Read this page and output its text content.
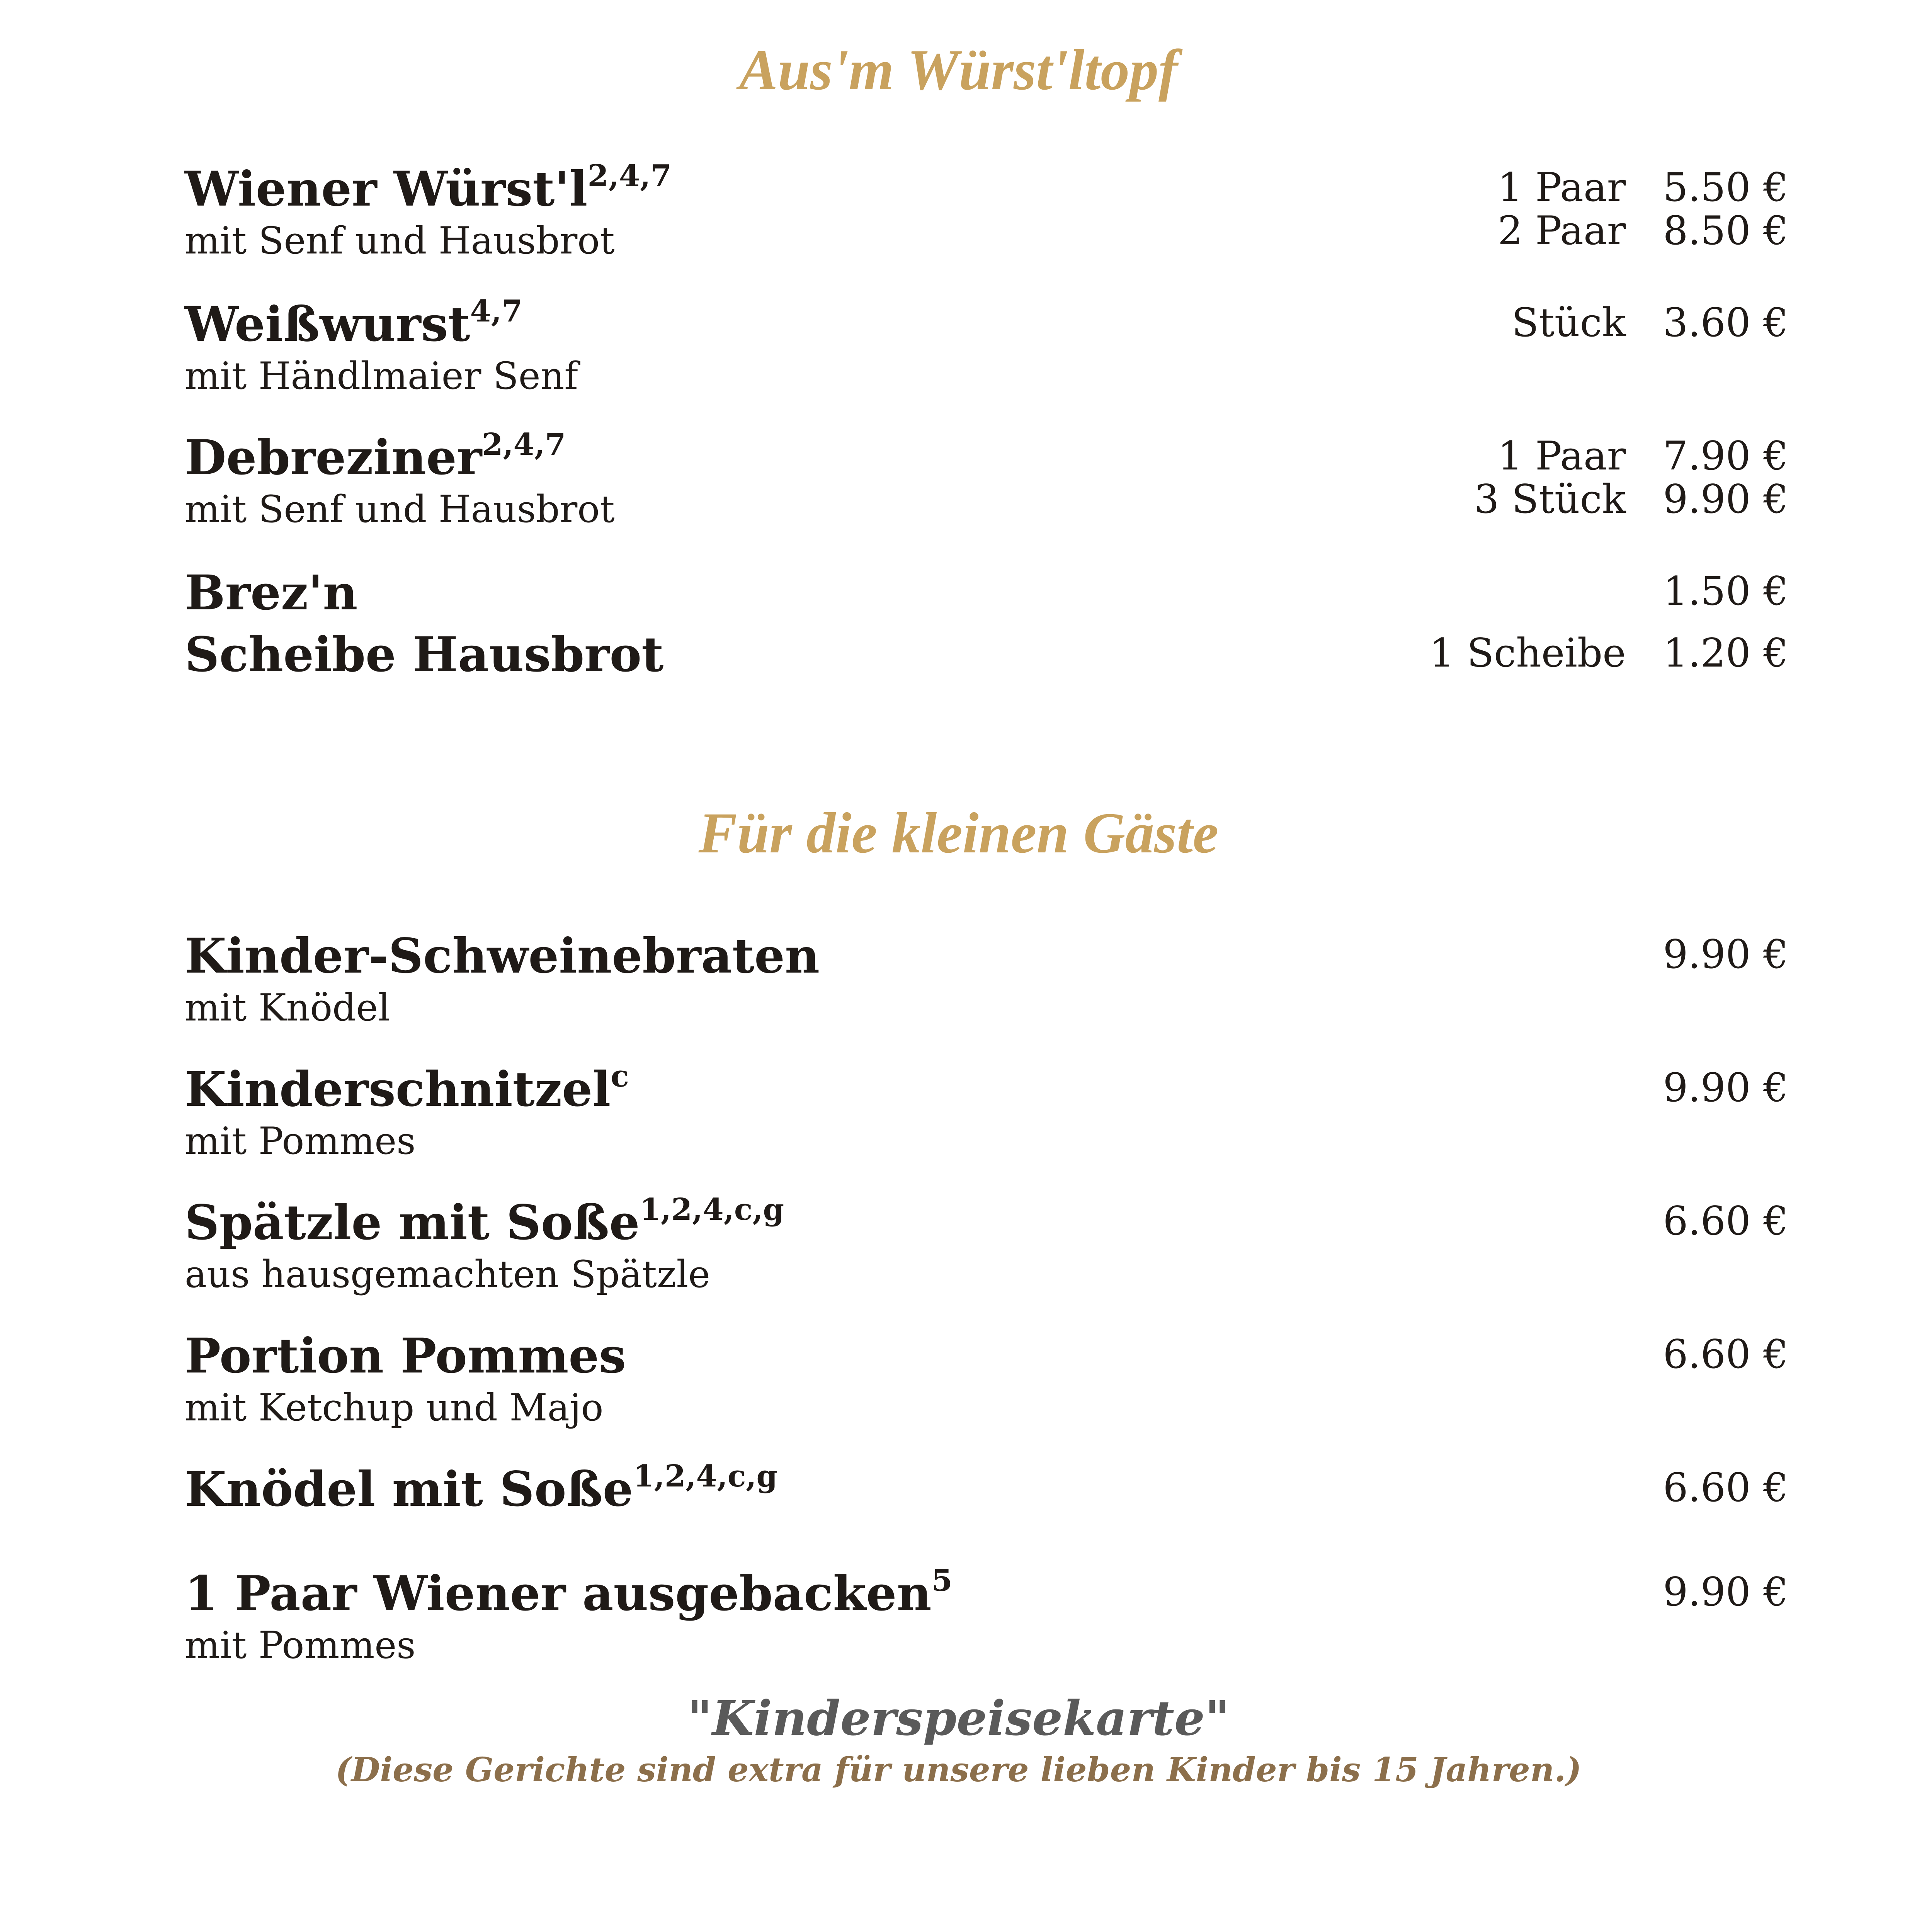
Aus'm Würst'ltopf
Wiener $Würst'l^{2,4,7}$
mit Senf und Hausbrot
1 Paar 5.50 €
2 Paar 8.50 €
Weißwurst$^{4,7}$
mit Händlmaier Senf
Stück 3.60 €
Debreziner$^{2,4,7}$
mit Senf und Hausbrot
1 Paar 7.90 €
3 Stück 9.90 €
Brez'n	1.50 €
Scheibe Hausbrot	1 Scheibe 1.20 €
Für die kleinen Gäste
Kinder-Schweinebraten
mit Knödel
9.90 €
Kinderschnitzel$^c$
mit Pommes
9.90 €
Spätzle mit Soße$^{1,2,4,c,g}$
aus hausgemachten Spätzle
6.60 €
Portion Pommes
mit Ketchup und Majo
6.60 €
Knödel mit Soße$^{1,2,4,c,g}$	6.60 €
1 Paar Wiener ausgebacken$^5$
mit Pommes
9.90 €
"Kinderspeisekarte"
(Diese Gerichte sind extra für unsere lieben Kinder bis 15 Jahren.)
